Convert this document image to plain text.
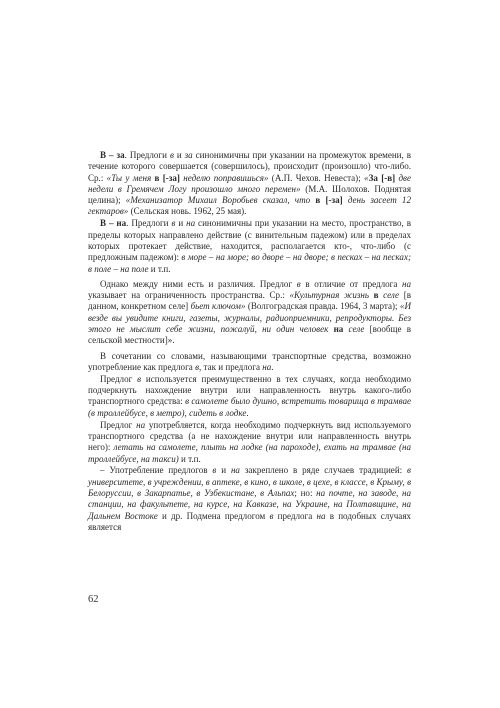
В – за. Предлоги в и за синонимичны при указании на промежуток времени, в течение которого совершается (совершилось), происходит (произошло) что-либо. Ср.: «Ты у меня в [-за] неделю поправишься» (А.П. Чехов. Невеста); «За [-в] две недели в Гремячем Логу произошло много перемен» (М.А. Шолохов. Поднятая целина); «Механизатор Михаил Воробьев сказал, что в [-за] день засеет 12 гектаров» (Сельская новь. 1962, 25 мая).

В – на. Предлоги в и на синонимичны при указании на место, пространство, в пределы которых направлено действие (с винительным падежом) или в пределах которых протекает действие, находится, располагается кто-, что-либо (с предложным падежом): в море – на море; во дворе – на дворе; в песках – на песках; в поле – на поле и т.п.

Однако между ними есть и различия. Предлог в в отличие от предлога на указывает на ограниченность пространства. Ср.: «Культурная жизнь в селе [в данном, конкретном селе] бьет ключом» (Волгоградская правда. 1964, 3 марта); «И везде вы увидите книги, газеты, журналы, радиоприемники, репродукторы. Без этого не мыслит себе жизни, пожалуй, ни один человек на селе [вообще в сельской местности]».

В сочетании со словами, называющими транспортные средства, возможно употребление как предлога в, так и предлога на.

Предлог в используется преимущественно в тех случаях, когда необходимо подчеркнуть нахождение внутри или направленность внутрь какого-либо транспортного средства: в самолете было душно, встретить товарища в трамвае (в троллейбусе, в метро), сидеть в лодке.

Предлог на употребляется, когда необходимо подчеркнуть вид используемого транспортного средства (а не нахождение внутри или направленность внутрь него): летать на самолете, плыть на лодке (на пароходе), ехать на трамвае (на троллейбусе, на такси) и т.п.

– Употребление предлогов в и на закреплено в ряде случаев традицией: в университете, в учреждении, в аптеке, в кино, в школе, в цехе, в классе, в Крыму, в Белоруссии, в Закарпатье, в Узбекистане, в Альпах; но: на почте, на заводе, на станции, на факультете, на курсе, на Кавказе, на Украине, на Полтавщине, на Дальнем Востоке и др. Подмена предлогом в предлога на в подобных случаях является

62
